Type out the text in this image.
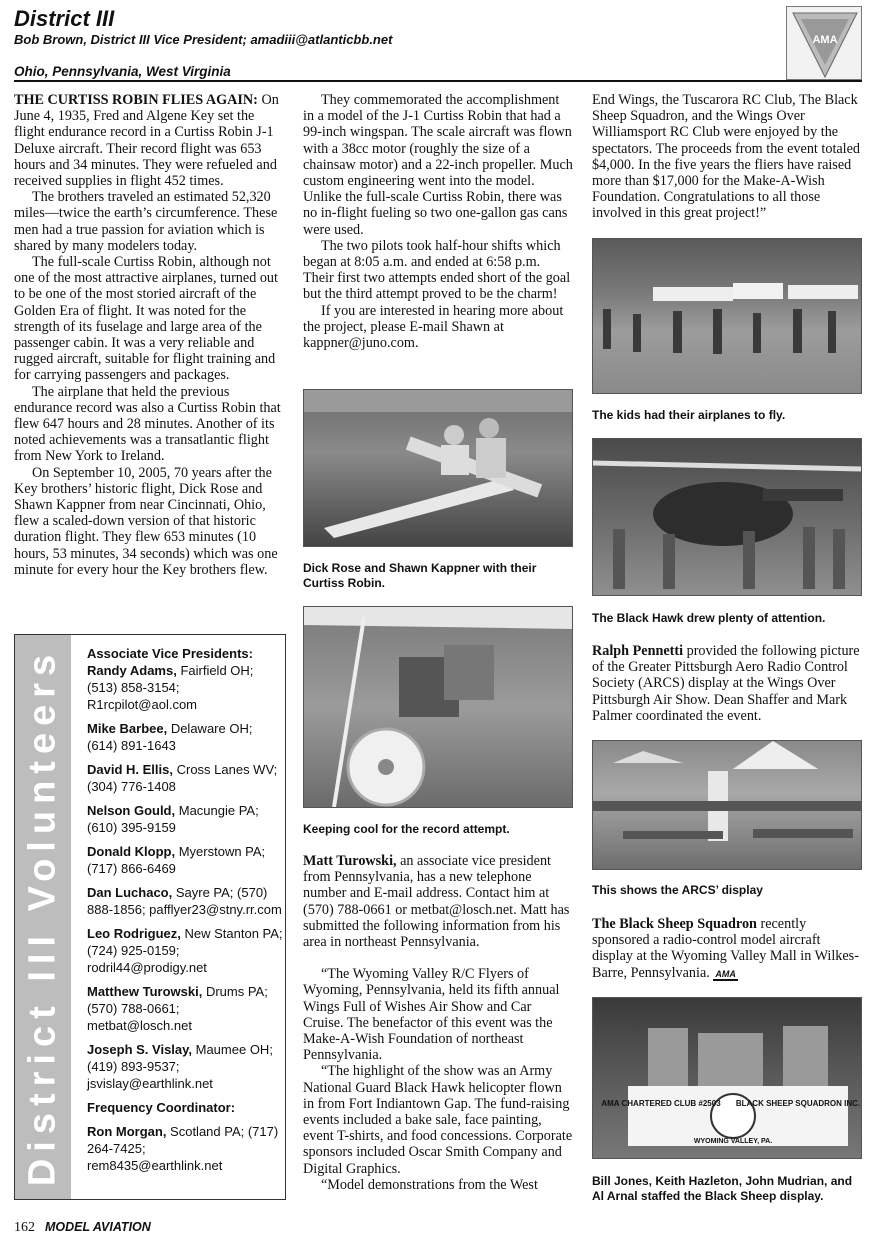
District III
Bob Brown, District III Vice President; amadiii@atlanticbb.net
Ohio, Pennsylvania, West Virginia
AMA

THE CURTISS ROBIN FLIES AGAIN: On June 4, 1935, Fred and Algene Key set the flight endurance record in a Curtiss Robin J-1 Deluxe aircraft. Their record flight was 653 hours and 34 minutes. They were refueled and received supplies in flight 452 times.

The brothers traveled an estimated 52,320 miles—twice the earth’s circumference. These men had a true passion for aviation which is shared by many modelers today.

The full-scale Curtiss Robin, although not one of the most attractive airplanes, turned out to be one of the most storied aircraft of the Golden Era of flight. It was noted for the strength of its fuselage and large area of the passenger cabin. It was a very reliable and rugged aircraft, suitable for flight training and for carrying passengers and packages.

The airplane that held the previous endurance record was also a Curtiss Robin that flew 647 hours and 28 minutes. Another of its noted achievements was a transatlantic flight from New York to Ireland.

On September 10, 2005, 70 years after the Key brothers’ historic flight, Dick Rose and Shawn Kappner from near Cincinnati, Ohio, flew a scaled-down version of that historic duration flight. They flew 653 minutes (10 hours, 53 minutes, 34 seconds) which was one minute for every hour the Key brothers flew.

District III Volunteers Associate Vice Presidents:
Randy Adams, Fairfield OH; (513) 858-3154; R1rcpilot@aol.com
Mike Barbee, Delaware OH; (614) 891-1643
David H. Ellis, Cross Lanes WV; (304) 776-1408
Nelson Gould, Macungie PA; (610) 395-9159
Donald Klopp, Myerstown PA; (717) 866-6469
Dan Luchaco, Sayre PA; (570) 888-1856; pafflyer23@stny.rr.com
Leo Rodriguez, New Stanton PA; (724) 925-0159; rodril44@prodigy.net
Matthew Turowski, Drums PA; (570) 788-0661; metbat@losch.net
Joseph S. Vislay, Maumee OH; (419) 893-9537; jsvislay@earthlink.net
Frequency Coordinator:
Ron Morgan, Scotland PA; (717) 264-7425; rem8435@earthlink.net

They commemorated the accomplishment in a model of the J-1 Curtiss Robin that had a 99-inch wingspan. The scale aircraft was flown with a 38cc motor (roughly the size of a chainsaw motor) and a 22-inch propeller. Much custom engineering went into the model. Unlike the full-scale Curtiss Robin, there was no in-flight fueling so two one-gallon gas cans were used.

The two pilots took half-hour shifts which began at 8:05 a.m. and ended at 6:58 p.m. Their first two attempts ended short of the goal but the third attempt proved to be the charm!

If you are interested in hearing more about the project, please E-mail Shawn at kappner@juno.com.

Dick Rose and Shawn Kappner with their Curtiss Robin.
Keeping cool for the record attempt.

Matt Turowski, an associate vice president from Pennsylvania, has a new telephone number and E-mail address. Contact him at (570) 788-0661 or metbat@losch.net. Matt has submitted the following information from his area in northeast Pennsylvania.

“The Wyoming Valley R/C Flyers of Wyoming, Pennsylvania, held its fifth annual Wings Full of Wishes Air Show and Car Cruise. The benefactor of this event was the Make-A-Wish Foundation of northeast Pennsylvania.

“The highlight of the show was an Army National Guard Black Hawk helicopter flown in from Fort Indiantown Gap. The fund-raising events included a bake sale, face painting, event T-shirts, and food concessions. Corporate sponsors included Oscar Smith Company and Digital Graphics.

“Model demonstrations from the West

End Wings, the Tuscarora RC Club, The Black Sheep Squadron, and the Wings Over Williamsport RC Club were enjoyed by the spectators. The proceeds from the event totaled $4,000. In the five years the fliers have raised more than $17,000 for the Make-A-Wish Foundation. Congratulations to all those involved in this great project!”

The kids had their airplanes to fly.
The Black Hawk drew plenty of attention.

Ralph Pennetti provided the following picture of the Greater Pittsburgh Aero Radio Control Society (ARCS) display at the Wings Over Pittsburgh Air Show. Dean Shaffer and Mark Palmer coordinated the event.

This shows the ARCS’ display

The Black Sheep Squadron recently sponsored a radio-control model aircraft display at the Wyoming Valley Mall in Wilkes-Barre, Pennsylvania. AMA

AMA CHARTERED CLUB #2503 BLACK SHEEP SQUADRON INC.
WYOMING VALLEY, PA.
Bill Jones, Keith Hazleton, John Mudrian, and Al Arnal staffed the Black Sheep display.
162 MODEL AVIATION
